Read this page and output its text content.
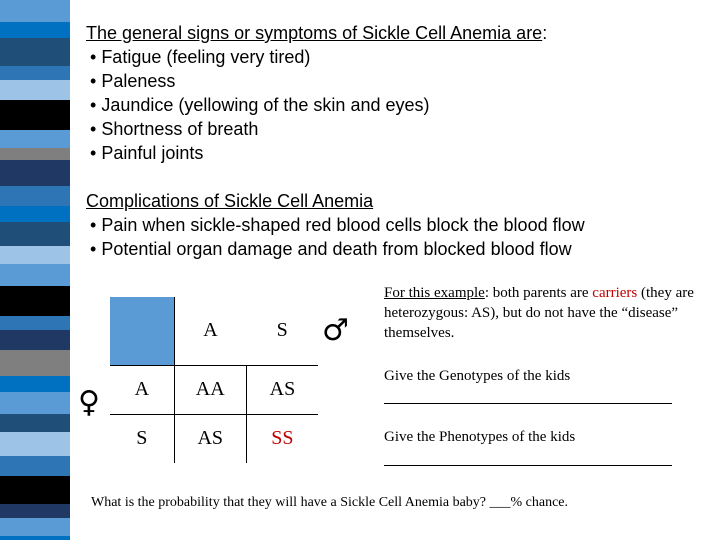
The general signs or symptoms of Sickle Cell Anemia are:
• Fatigue (feeling very tired)
• Paleness
• Jaundice (yellowing of the skin and eyes)
• Shortness of breath
• Painful joints
Complications of Sickle Cell Anemia
• Pain when sickle-shaped red blood cells block the blood flow
• Potential organ damage and death from blocked blood flow
	A	S
A	AA	AS
S	AS	SS
♂
♀
For this example: both parents are carriers (they are heterozygous: AS), but do not have the “disease” themselves.
Give the Genotypes of the kids
Give the Phenotypes of the kids
What is the probability that they will have a Sickle Cell Anemia baby? ___% chance.
